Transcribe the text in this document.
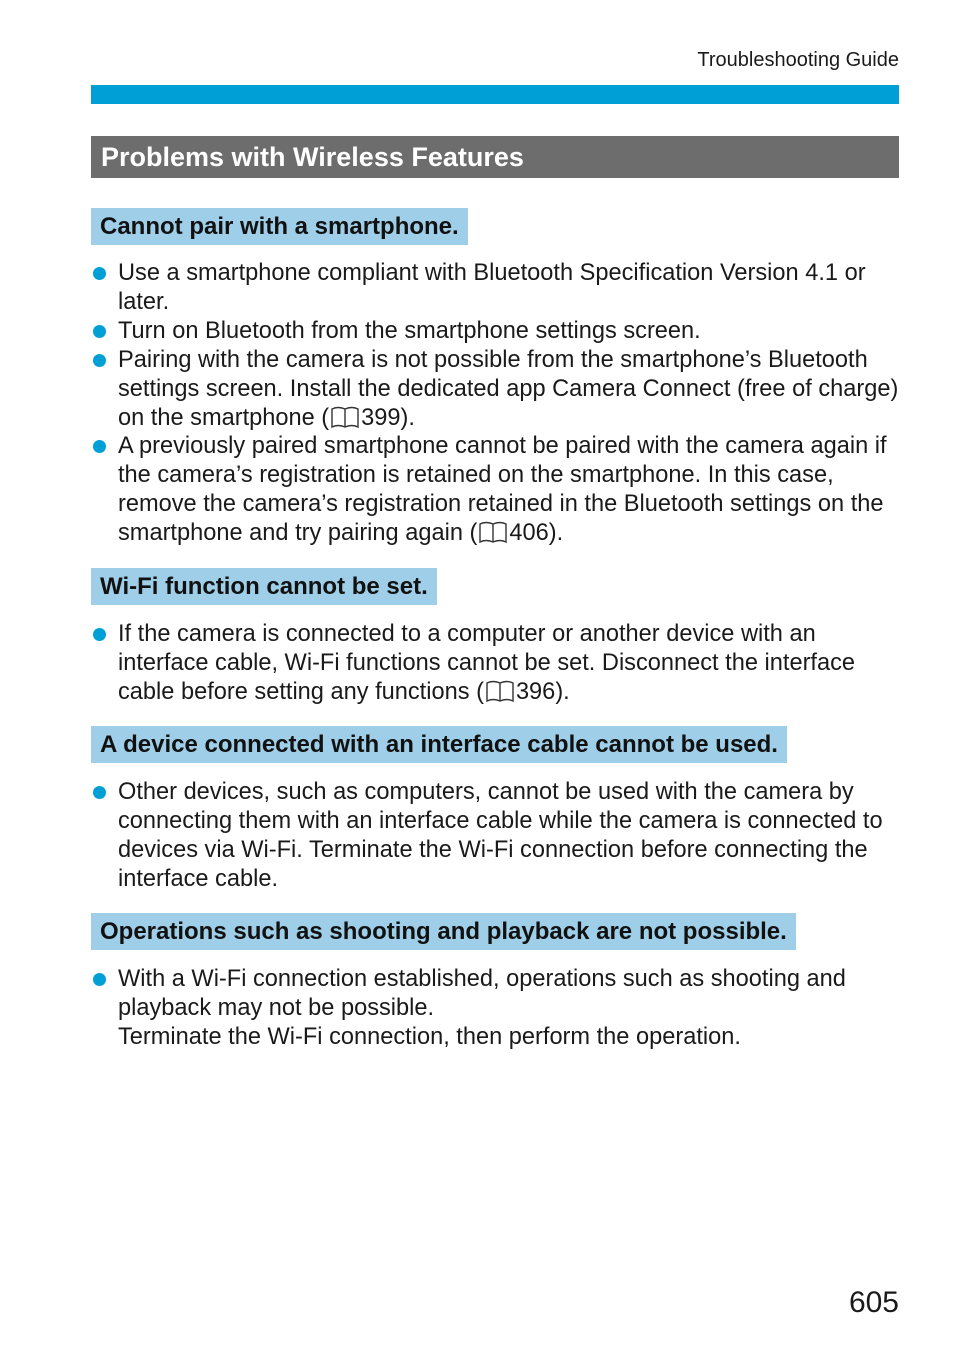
Troubleshooting Guide
Problems with Wireless Features
Cannot pair with a smartphone.
Use a smartphone compliant with Bluetooth Specification Version 4.1 or later.
Turn on Bluetooth from the smartphone settings screen.
Pairing with the camera is not possible from the smartphone’s Bluetooth settings screen. Install the dedicated app Camera Connect (free of charge) on the smartphone ( 399).
A previously paired smartphone cannot be paired with the camera again if the camera’s registration is retained on the smartphone. In this case, remove the camera’s registration retained in the Bluetooth settings on the smartphone and try pairing again ( 406).
Wi-Fi function cannot be set.
If the camera is connected to a computer or another device with an interface cable, Wi-Fi functions cannot be set. Disconnect the interface cable before setting any functions ( 396).
A device connected with an interface cable cannot be used.
Other devices, such as computers, cannot be used with the camera by connecting them with an interface cable while the camera is connected to devices via Wi-Fi. Terminate the Wi-Fi connection before connecting the interface cable.
Operations such as shooting and playback are not possible.
With a Wi-Fi connection established, operations such as shooting and playback may not be possible.
Terminate the Wi-Fi connection, then perform the operation.
605
